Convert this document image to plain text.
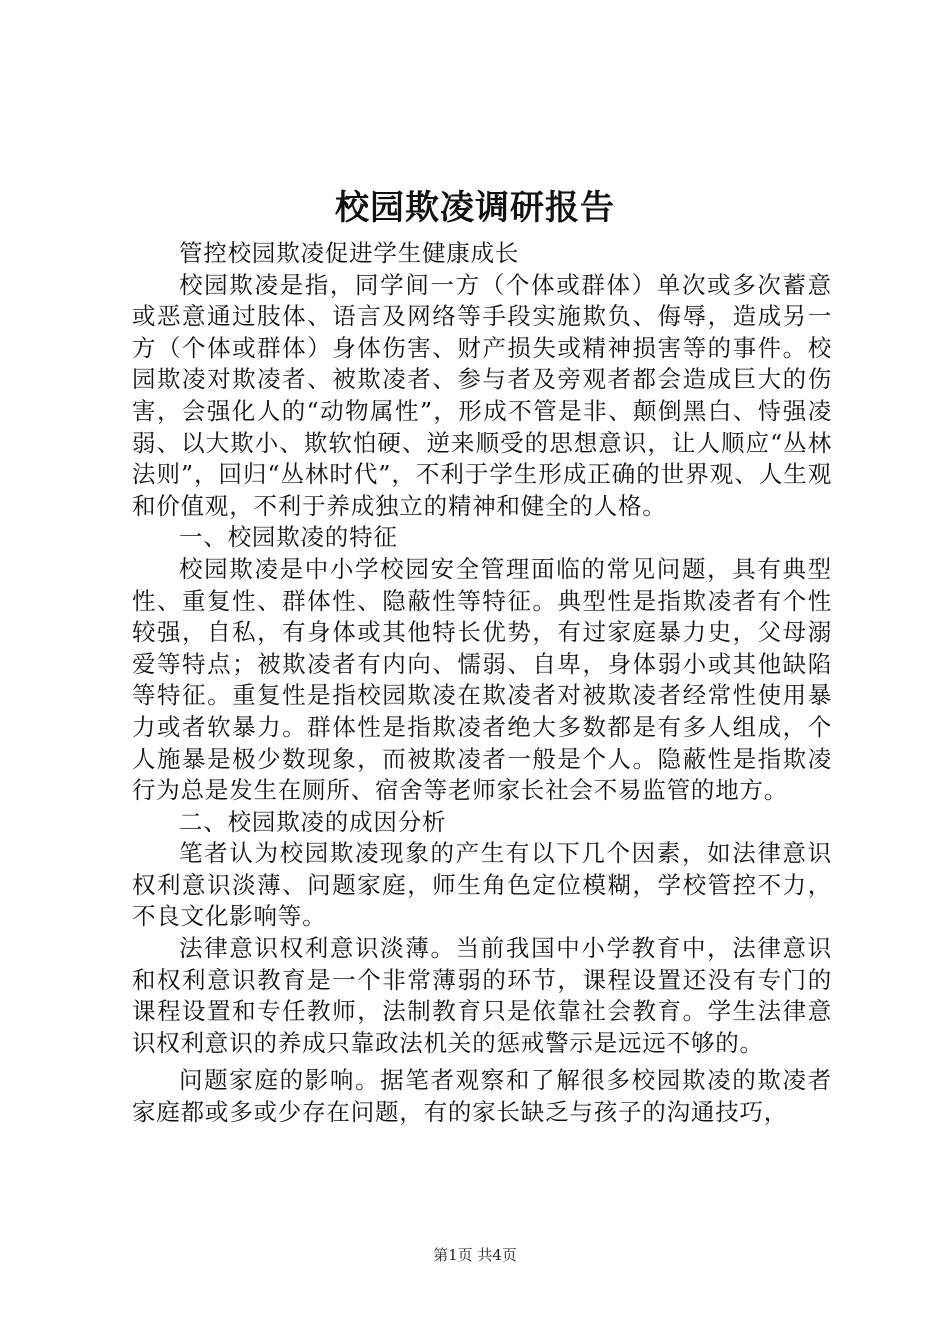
校园欺凌调研报告

管控校园欺凌促进学生健康成长

校园欺凌是指，同学间一方（个体或群体）单次或多次蓄意或恶意通过肢体、语言及网络等手段实施欺负、侮辱，造成另一方（个体或群体）身体伤害、财产损失或精神损害等的事件。校园欺凌对欺凌者、被欺凌者、参与者及旁观者都会造成巨大的伤害，会强化人的“动物属性”，形成不管是非、颠倒黑白、恃强凌弱、以大欺小、欺软怕硬、逆来顺受的思想意识，让人顺应“丛林法则”，回归“丛林时代”，不利于学生形成正确的世界观、人生观和价值观，不利于养成独立的精神和健全的人格。

一、校园欺凌的特征

校园欺凌是中小学校园安全管理面临的常见问题，具有典型性、重复性、群体性、隐蔽性等特征。典型性是指欺凌者有个性较强，自私，有身体或其他特长优势，有过家庭暴力史，父母溺爱等特点；被欺凌者有内向、懦弱、自卑，身体弱小或其他缺陷等特征。重复性是指校园欺凌在欺凌者对被欺凌者经常性使用暴力或者软暴力。群体性是指欺凌者绝大多数都是有多人组成，个人施暴是极少数现象，而被欺凌者一般是个人。隐蔽性是指欺凌行为总是发生在厕所、宿舍等老师家长社会不易监管的地方。

二、校园欺凌的成因分析

笔者认为校园欺凌现象的产生有以下几个因素，如法律意识权利意识淡薄、问题家庭，师生角色定位模糊，学校管控不力，不良文化影响等。

法律意识权利意识淡薄。当前我国中小学教育中，法律意识和权利意识教育是一个非常薄弱的环节，课程设置还没有专门的课程设置和专任教师，法制教育只是依靠社会教育。学生法律意识权利意识的养成只靠政法机关的惩戒警示是远远不够的。

问题家庭的影响。据笔者观察和了解很多校园欺凌的欺凌者家庭都或多或少存在问题，有的家长缺乏与孩子的沟通技巧，

第1页 共4页
